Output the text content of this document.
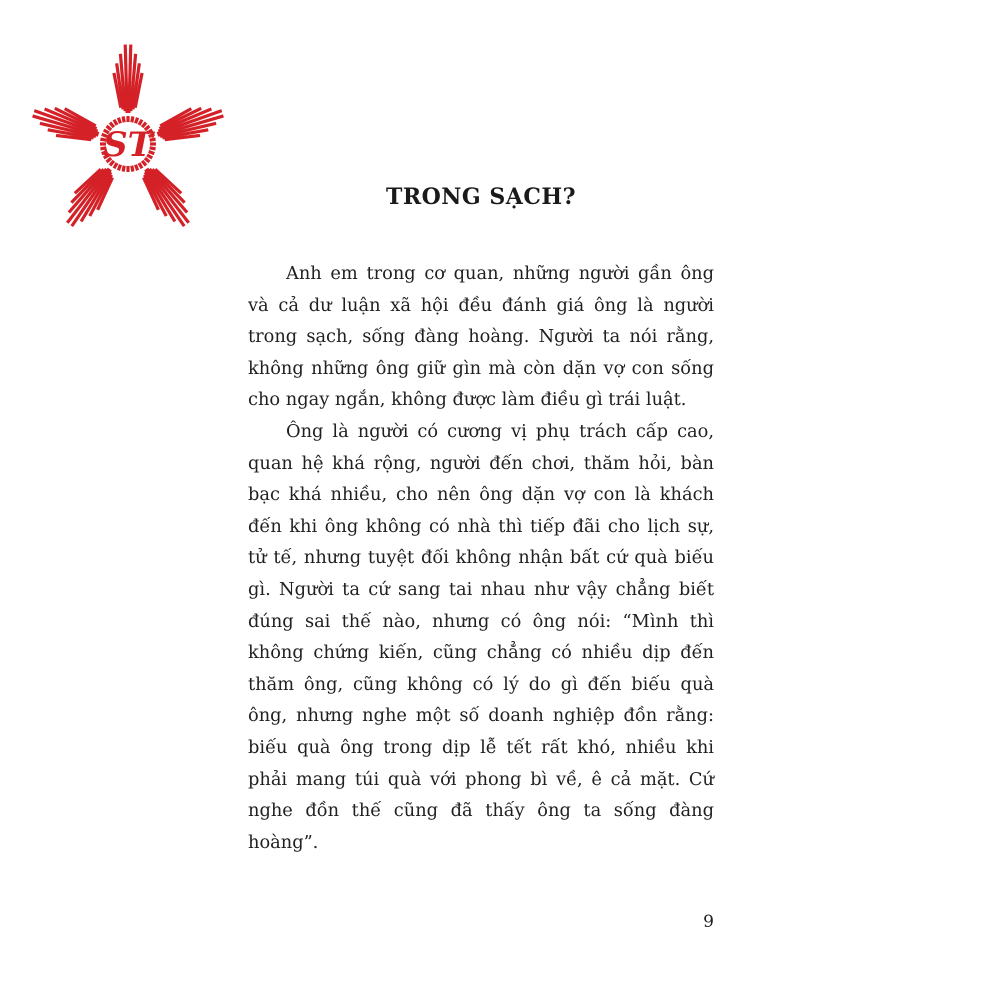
ST
TRONG SẠCH?

Anh em trong cơ quan, những người gần ông và cả dư luận xã hội đều đánh giá ông là người trong sạch, sống đàng hoàng. Người ta nói rằng, không những ông giữ gìn mà còn dặn vợ con sống cho ngay ngắn, không được làm điều gì trái luật.

Ông là người có cương vị phụ trách cấp cao, quan hệ khá rộng, người đến chơi, thăm hỏi, bàn bạc khá nhiều, cho nên ông dặn vợ con là khách đến khi ông không có nhà thì tiếp đãi cho lịch sự, tử tế, nhưng tuyệt đối không nhận bất cứ quà biếu gì. Người ta cứ sang tai nhau như vậy chẳng biết đúng sai thế nào, nhưng có ông nói: “Mình thì không chứng kiến, cũng chẳng có nhiều dịp đến thăm ông, cũng không có lý do gì đến biếu quà ông, nhưng nghe một số doanh nghiệp đồn rằng: biếu quà ông trong dịp lễ tết rất khó, nhiều khi phải mang túi quà với phong bì về, ê cả mặt. Cứ nghe đồn thế cũng đã thấy ông ta sống đàng hoàng”.

9
